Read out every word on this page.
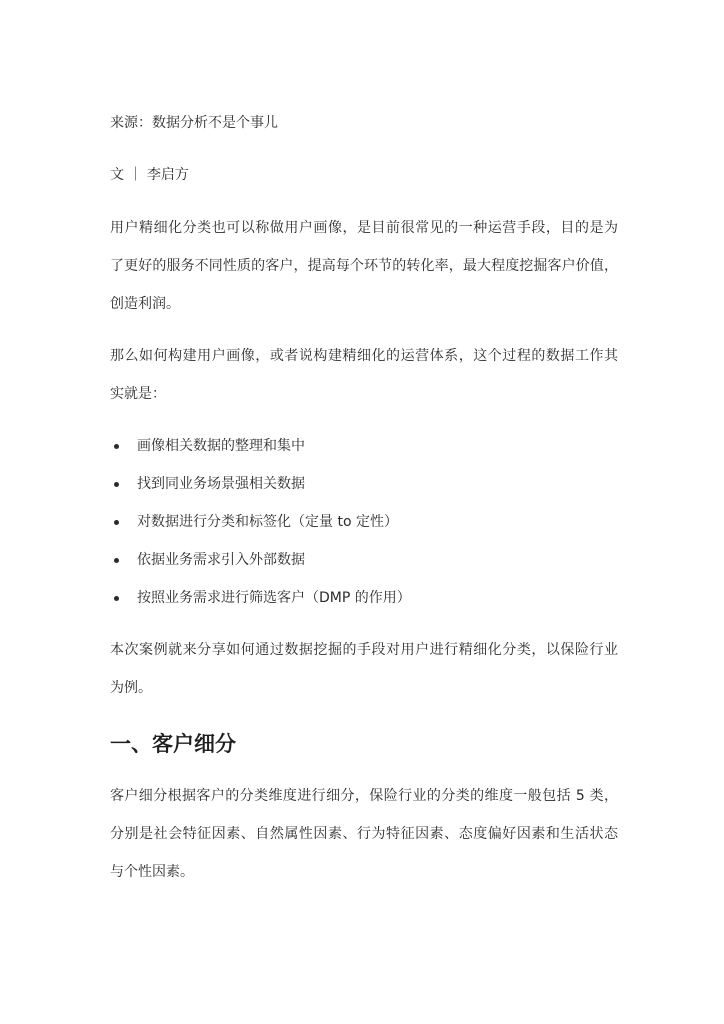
来源：数据分析不是个事儿
文 ｜ 李启方
用户精细化分类也可以称做用户画像，是目前很常见的一种运营手段，目的是为
了更好的服务不同性质的客户，提高每个环节的转化率，最大程度挖掘客户价值，
创造利润。
那么如何构建用户画像，或者说构建精细化的运营体系，这个过程的数据工作其
实就是：
画像相关数据的整理和集中
找到同业务场景强相关数据
对数据进行分类和标签化（定量 to 定性）
依据业务需求引入外部数据
按照业务需求进行筛选客户（DMP 的作用）
本次案例就来分享如何通过数据挖掘的手段对用户进行精细化分类，以保险行业
为例。
一、客户细分
客户细分根据客户的分类维度进行细分，保险行业的分类的维度一般包括 5 类，
分别是社会特征因素、自然属性因素、行为特征因素、态度偏好因素和生活状态
与个性因素。
